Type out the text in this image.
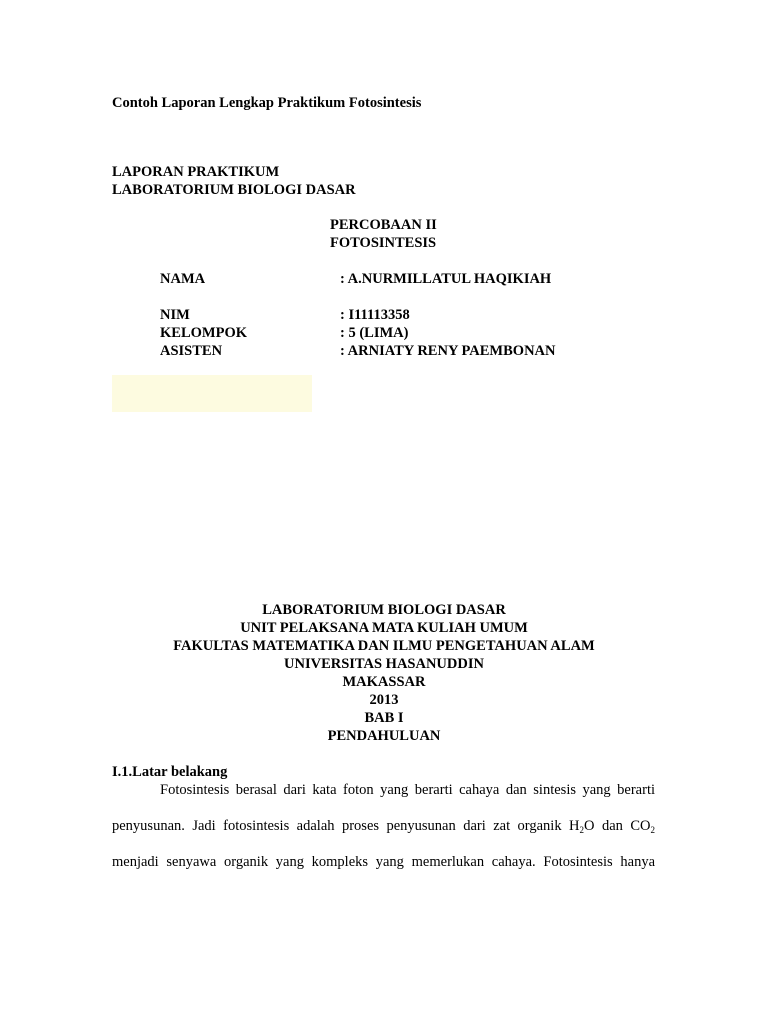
Contoh Laporan Lengkap Praktikum Fotosintesis
LAPORAN PRAKTIKUM
LABORATORIUM BIOLOGI DASAR
PERCOBAAN II
FOTOSINTESIS
NAMA	: A.NURMILLATUL HAQIKIAH
NIM	: I11113358
KELOMPOK	: 5 (LIMA)
ASISTEN	: ARNIATY RENY PAEMBONAN
LABORATORIUM BIOLOGI DASAR
UNIT PELAKSANA MATA KULIAH UMUM
FAKULTAS MATEMATIKA DAN ILMU PENGETAHUAN ALAM
UNIVERSITAS HASANUDDIN
MAKASSAR
2013
BAB I
PENDAHULUAN
I.1.Latar belakang
Fotosintesis berasal dari kata foton yang berarti cahaya dan sintesis yang berarti
penyusunan. Jadi fotosintesis adalah proses penyusunan dari zat organik $H_2O$ dan $CO_2$
menjadi senyawa organik yang kompleks yang memerlukan cahaya. Fotosintesis hanya
